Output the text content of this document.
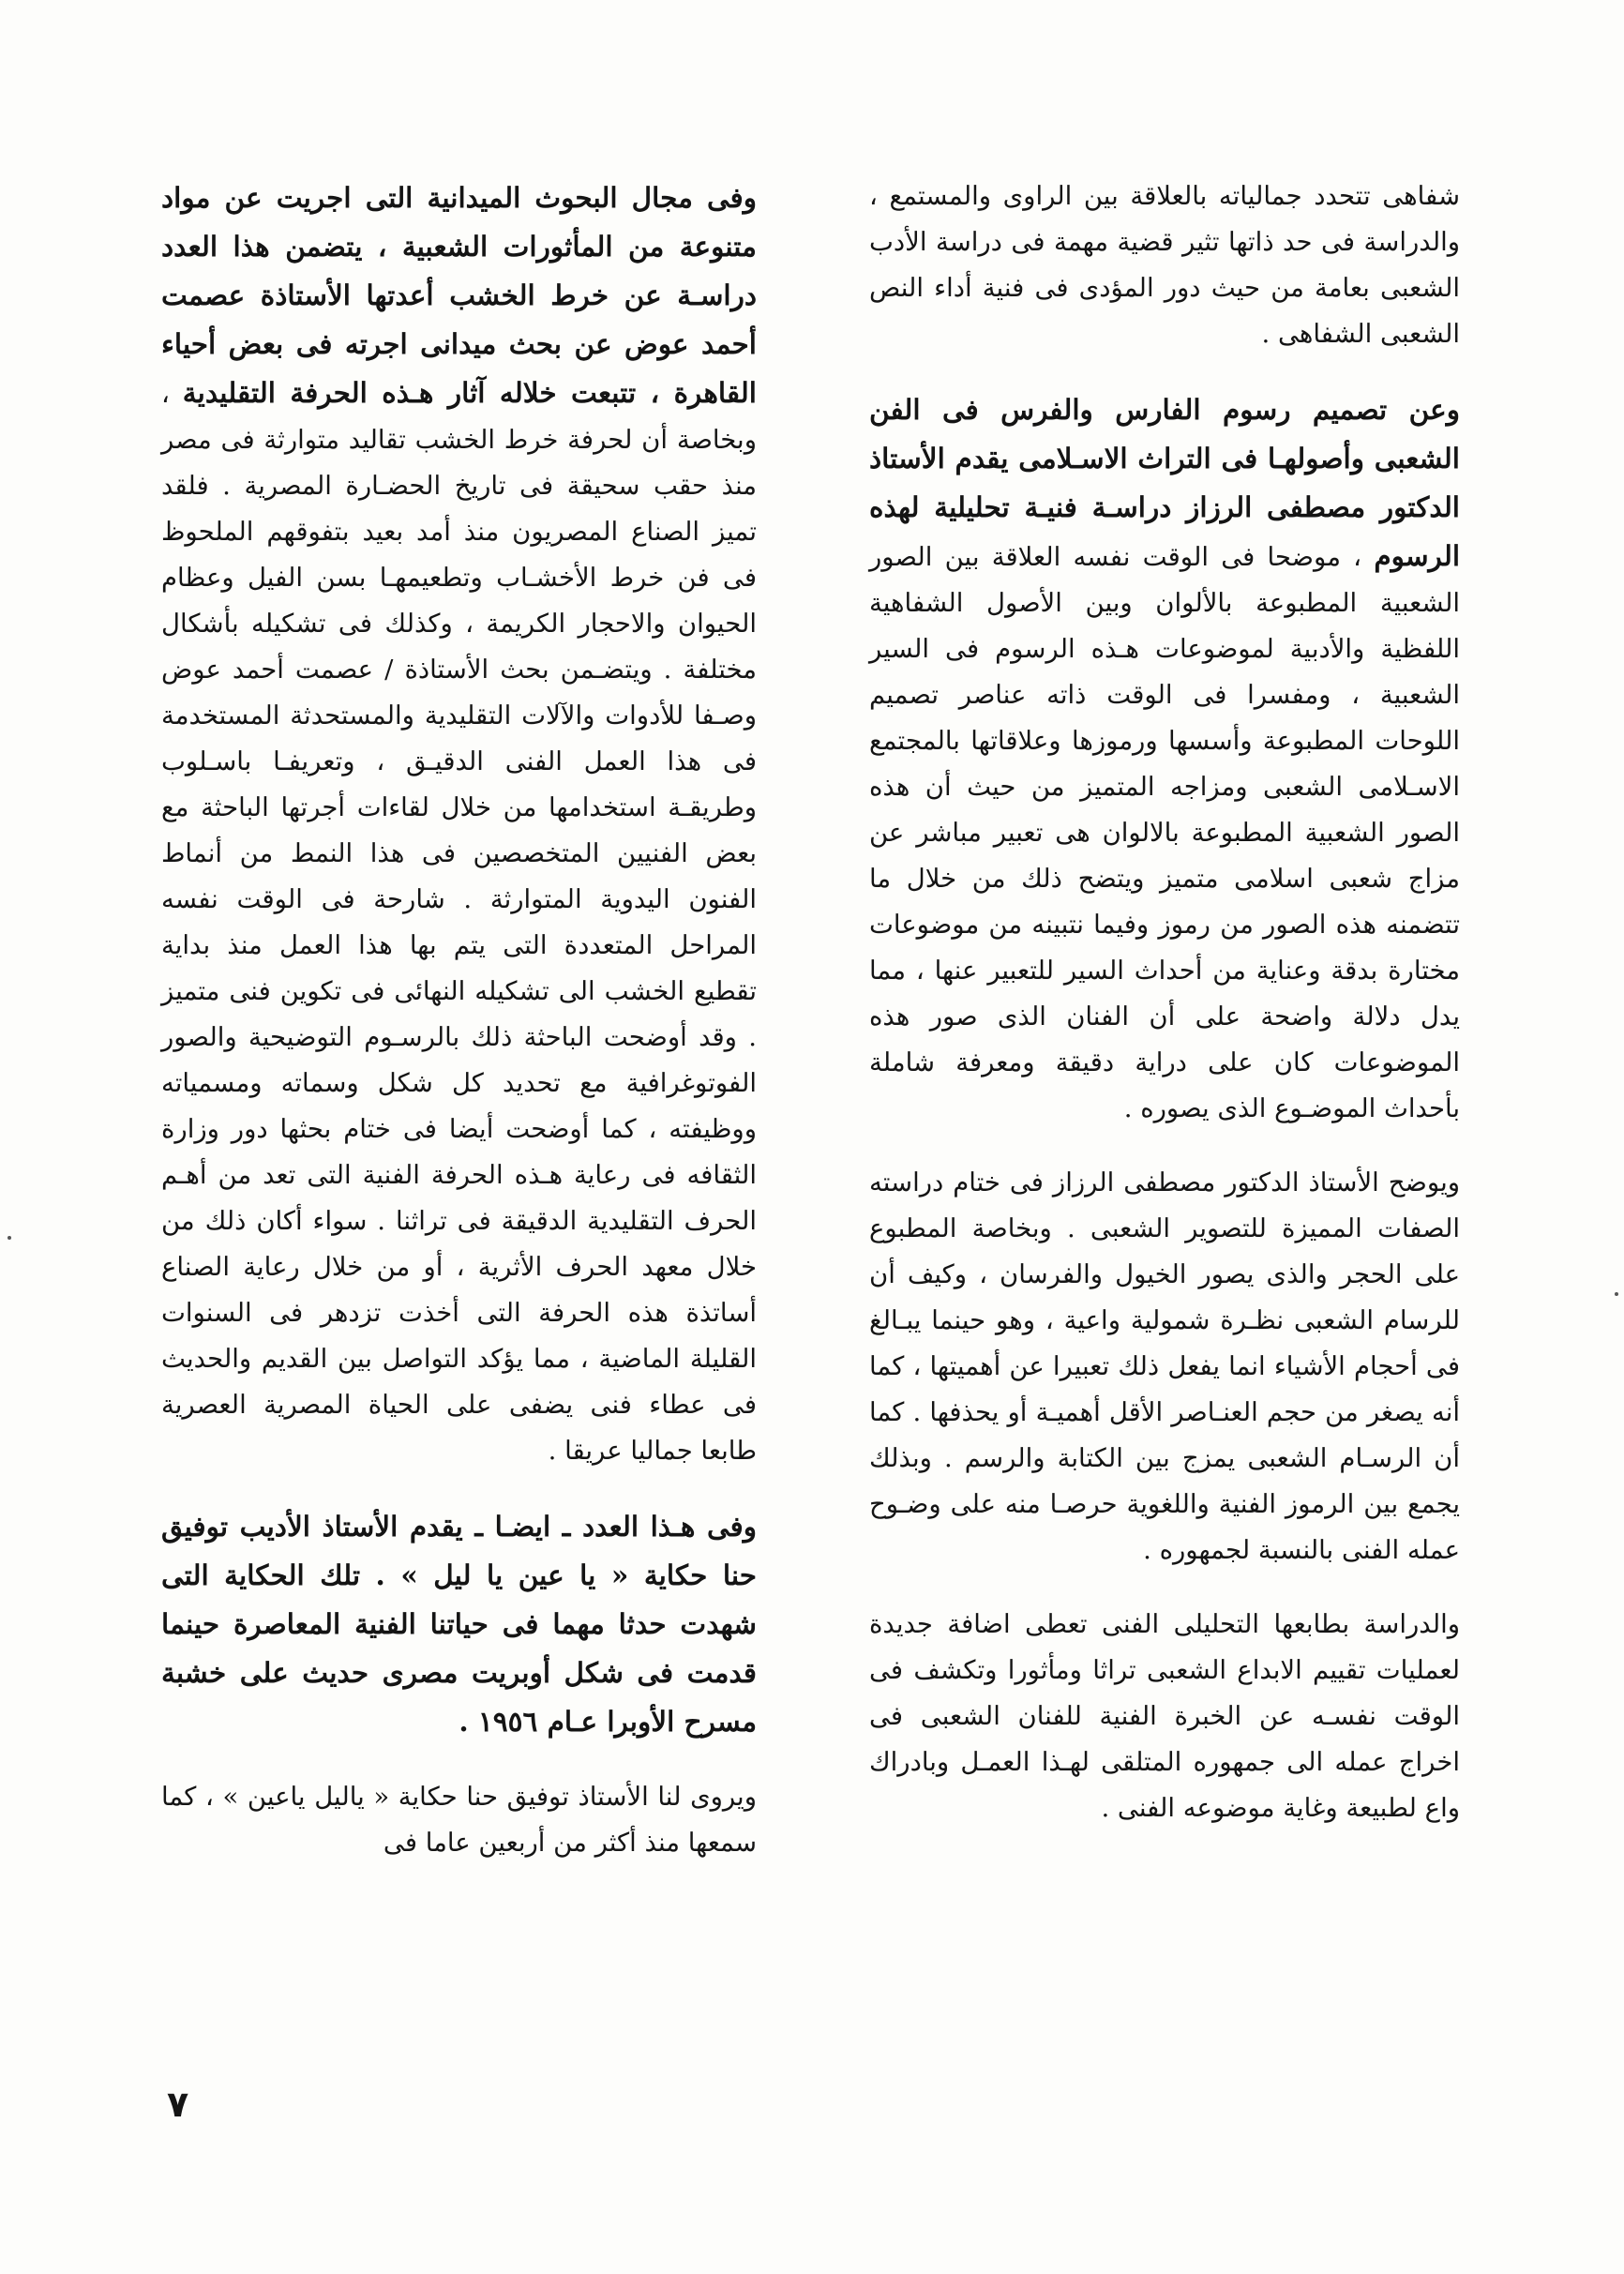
شفاهى تتحدد جمالياته بالعلاقة بين الراوى والمستمع ، والدراسة فى حد ذاتها تثير قضية مهمة فى دراسة الأدب الشعبى بعامة من حيث دور المؤدى فى فنية أداء النص الشعبى الشفاهى .

وعن تصميم رسوم الفارس والفرس فى الفن الشعبى وأصولهـا فى التراث الاسـلامى يقدم الأستاذ الدكتور مصطفى الرزاز دراسـة فنيـة تحليلية لهذه الرسوم ، موضحا فى الوقت نفسه العلاقة بين الصور الشعبية المطبوعة بالألوان وبين الأصول الشفاهية اللفظية والأدبية لموضوعات هـذه الرسوم فى السير الشعبية ، ومفسرا فى الوقت ذاته عناصر تصميم اللوحات المطبوعة وأسسها ورموزها وعلاقاتها بالمجتمع الاسـلامى الشعبى ومزاجه المتميز من حيث أن هذه الصور الشعبية المطبوعة بالالوان هى تعبير مباشر عن مزاج شعبى اسلامى متميز ويتضح ذلك من خلال ما تتضمنه هذه الصور من رموز وفيما نتبينه من موضوعات مختارة بدقة وعناية من أحداث السير للتعبير عنها ، مما يدل دلالة واضحة على أن الفنان الذى صور هذه الموضوعات كان على دراية دقيقة ومعرفة شاملة بأحداث الموضـوع الذى يصوره .

ويوضح الأستاذ الدكتور مصطفى الرزاز فى ختام دراسته الصفات المميزة للتصوير الشعبى . وبخاصة المطبوع على الحجر والذى يصور الخيول والفرسان ، وكيف أن للرسام الشعبى نظـرة شمولية واعية ، وهو حينما يبـالغ فى أحجام الأشياء انما يفعل ذلك تعبيرا عن أهميتها ، كما أنه يصغر من حجم العنـاصر الأقل أهميـة أو يحذفها . كما أن الرسـام الشعبى يمزج بين الكتابة والرسم . وبذلك يجمع بين الرموز الفنية واللغوية حرصـا منه على وضـوح عمله الفنى بالنسبة لجمهوره .

والدراسة بطابعها التحليلى الفنى تعطى اضافة جديدة لعمليات تقييم الابداع الشعبى تراثا ومأثورا وتكشف فى الوقت نفسـه عن الخبرة الفنية للفنان الشعبى فى اخراج عمله الى جمهوره المتلقى لهـذا العمـل وبادراك واع لطبيعة وغاية موضوعه الفنى .

وفى مجال البحوث الميدانية التى اجريت عن مواد متنوعة من المأثورات الشعبية ، يتضمن هذا العدد دراسـة عن خرط الخشب أعدتها الأستاذة عصمت أحمد عوض عن بحث ميدانى اجرته فى بعض أحياء القاهرة ، تتبعت خلاله آثار هـذه الحرفة التقليدية ، وبخاصة أن لحرفة خرط الخشب تقاليد متوارثة فى مصر منذ حقب سحيقة فى تاريخ الحضـارة المصرية . فلقد تميز الصناع المصريون منذ أمد بعيد بتفوقهم الملحوظ فى فن خرط الأخشـاب وتطعيمهـا بسن الفيل وعظام الحيوان والاحجار الكريمة ، وكذلك فى تشكيله بأشكال مختلفة . ويتضـمن بحث الأستاذة / عصمت أحمد عوض وصـفا للأدوات والآلات التقليدية والمستحدثة المستخدمة فى هذا العمل الفنى الدقيـق ، وتعريفـا باسـلوب وطريقـة استخدامها من خلال لقاءات أجرتها الباحثة مع بعض الفنيين المتخصصين فى هذا النمط من أنماط الفنون اليدوية المتوارثة . شارحة فى الوقت نفسه المراحل المتعددة التى يتم بها هذا العمل منذ بداية تقطيع الخشب الى تشكيله النهائى فى تكوين فنى متميز . وقد أوضحت الباحثة ذلك بالرسـوم التوضيحية والصور الفوتوغرافية مع تحديد كل شكل وسماته ومسمياته ووظيفته ، كما أوضحت أيضا فى ختام بحثها دور وزارة الثقافه فى رعاية هـذه الحرفة الفنية التى تعد من أهـم الحرف التقليدية الدقيقة فى تراثنا . سواء أكان ذلك من خلال معهد الحرف الأثرية ، أو من خلال رعاية الصناع أساتذة هذه الحرفة التى أخذت تزدهر فى السنوات القليلة الماضية ، مما يؤكد التواصل بين القديم والحديث فى عطاء فنى يضفى على الحياة المصرية العصرية طابعا جماليا عريقا .

وفى هـذا العدد ـ ايضـا ـ يقدم الأستاذ الأديب توفيق حنا حكاية « يا عين يا ليل » . تلك الحكاية التى شهدت حدثا مهما فى حياتنا الفنية المعاصرة حينما قدمت فى شكل أوبريت مصرى حديث على خشبة مسرح الأوبرا عـام ١٩٥٦ .

ويروى لنا الأستاذ توفيق حنا حكاية « ياليل ياعين » ، كما سمعها منذ أكثر من أربعين عاما فى

٧
